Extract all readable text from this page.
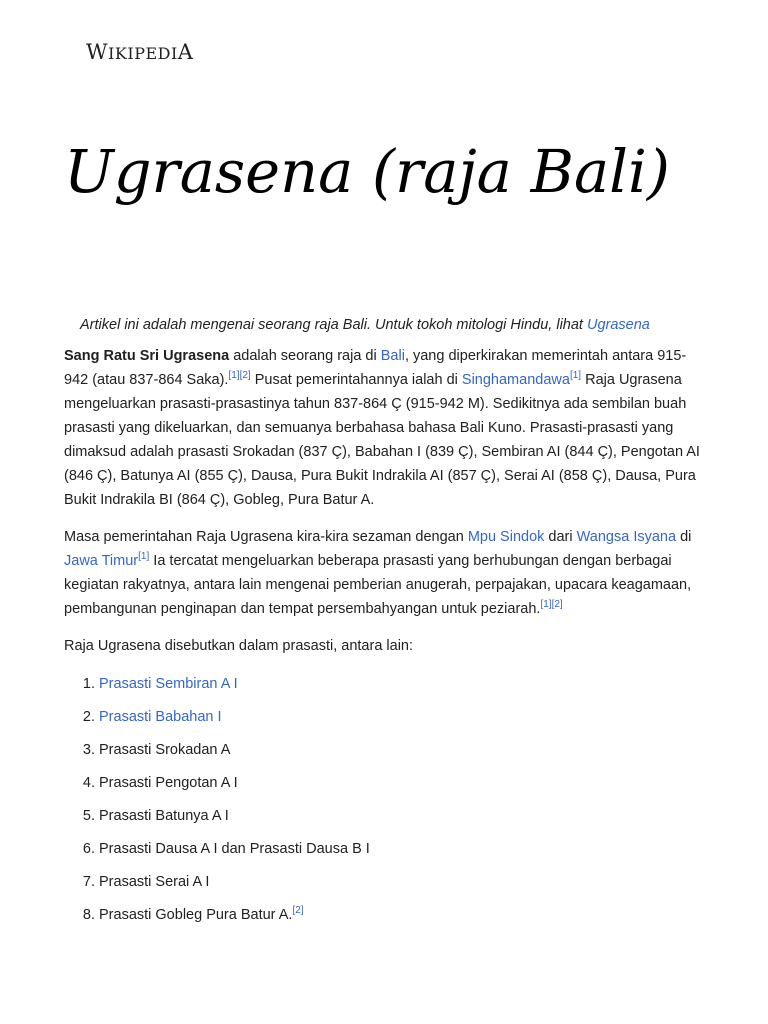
WIKIPEDIA
Ugrasena (raja Bali)
Artikel ini adalah mengenai seorang raja Bali. Untuk tokoh mitologi Hindu, lihat Ugrasena

Sang Ratu Sri Ugrasena adalah seorang raja di Bali, yang diperkirakan memerintah antara 915-942 (atau 837-864 Saka).[1][2] Pusat pemerintahannya ialah di Singhamandawa[1] Raja Ugrasena mengeluarkan prasasti-prasastinya tahun 837-864 Ç (915-942 M). Sedikitnya ada sembilan buah prasasti yang dikeluarkan, dan semuanya berbahasa bahasa Bali Kuno. Prasasti-prasasti yang dimaksud adalah prasasti Srokadan (837 Ç), Babahan I (839 Ç), Sembiran AI (844 Ç), Pengotan AI (846 Ç), Batunya AI (855 Ç), Dausa, Pura Bukit Indrakila AI (857 Ç), Serai AI (858 Ç), Dausa, Pura Bukit Indrakila BI (864 Ç), Gobleg, Pura Batur A.

Masa pemerintahan Raja Ugrasena kira-kira sezaman dengan Mpu Sindok dari Wangsa Isyana di Jawa Timur[1] Ia tercatat mengeluarkan beberapa prasasti yang berhubungan dengan berbagai kegiatan rakyatnya, antara lain mengenai pemberian anugerah, perpajakan, upacara keagamaan, pembangunan penginapan dan tempat persembahyangan untuk peziarah.[1][2]

Raja Ugrasena disebutkan dalam prasasti, antara lain:

1. Prasasti Sembiran A I
2. Prasasti Babahan I
3. Prasasti Srokadan A
4. Prasasti Pengotan A I
5. Prasasti Batunya A I
6. Prasasti Dausa A I dan Prasasti Dausa B I
7. Prasasti Serai A I
8. Prasasti Gobleg Pura Batur A.[2]
